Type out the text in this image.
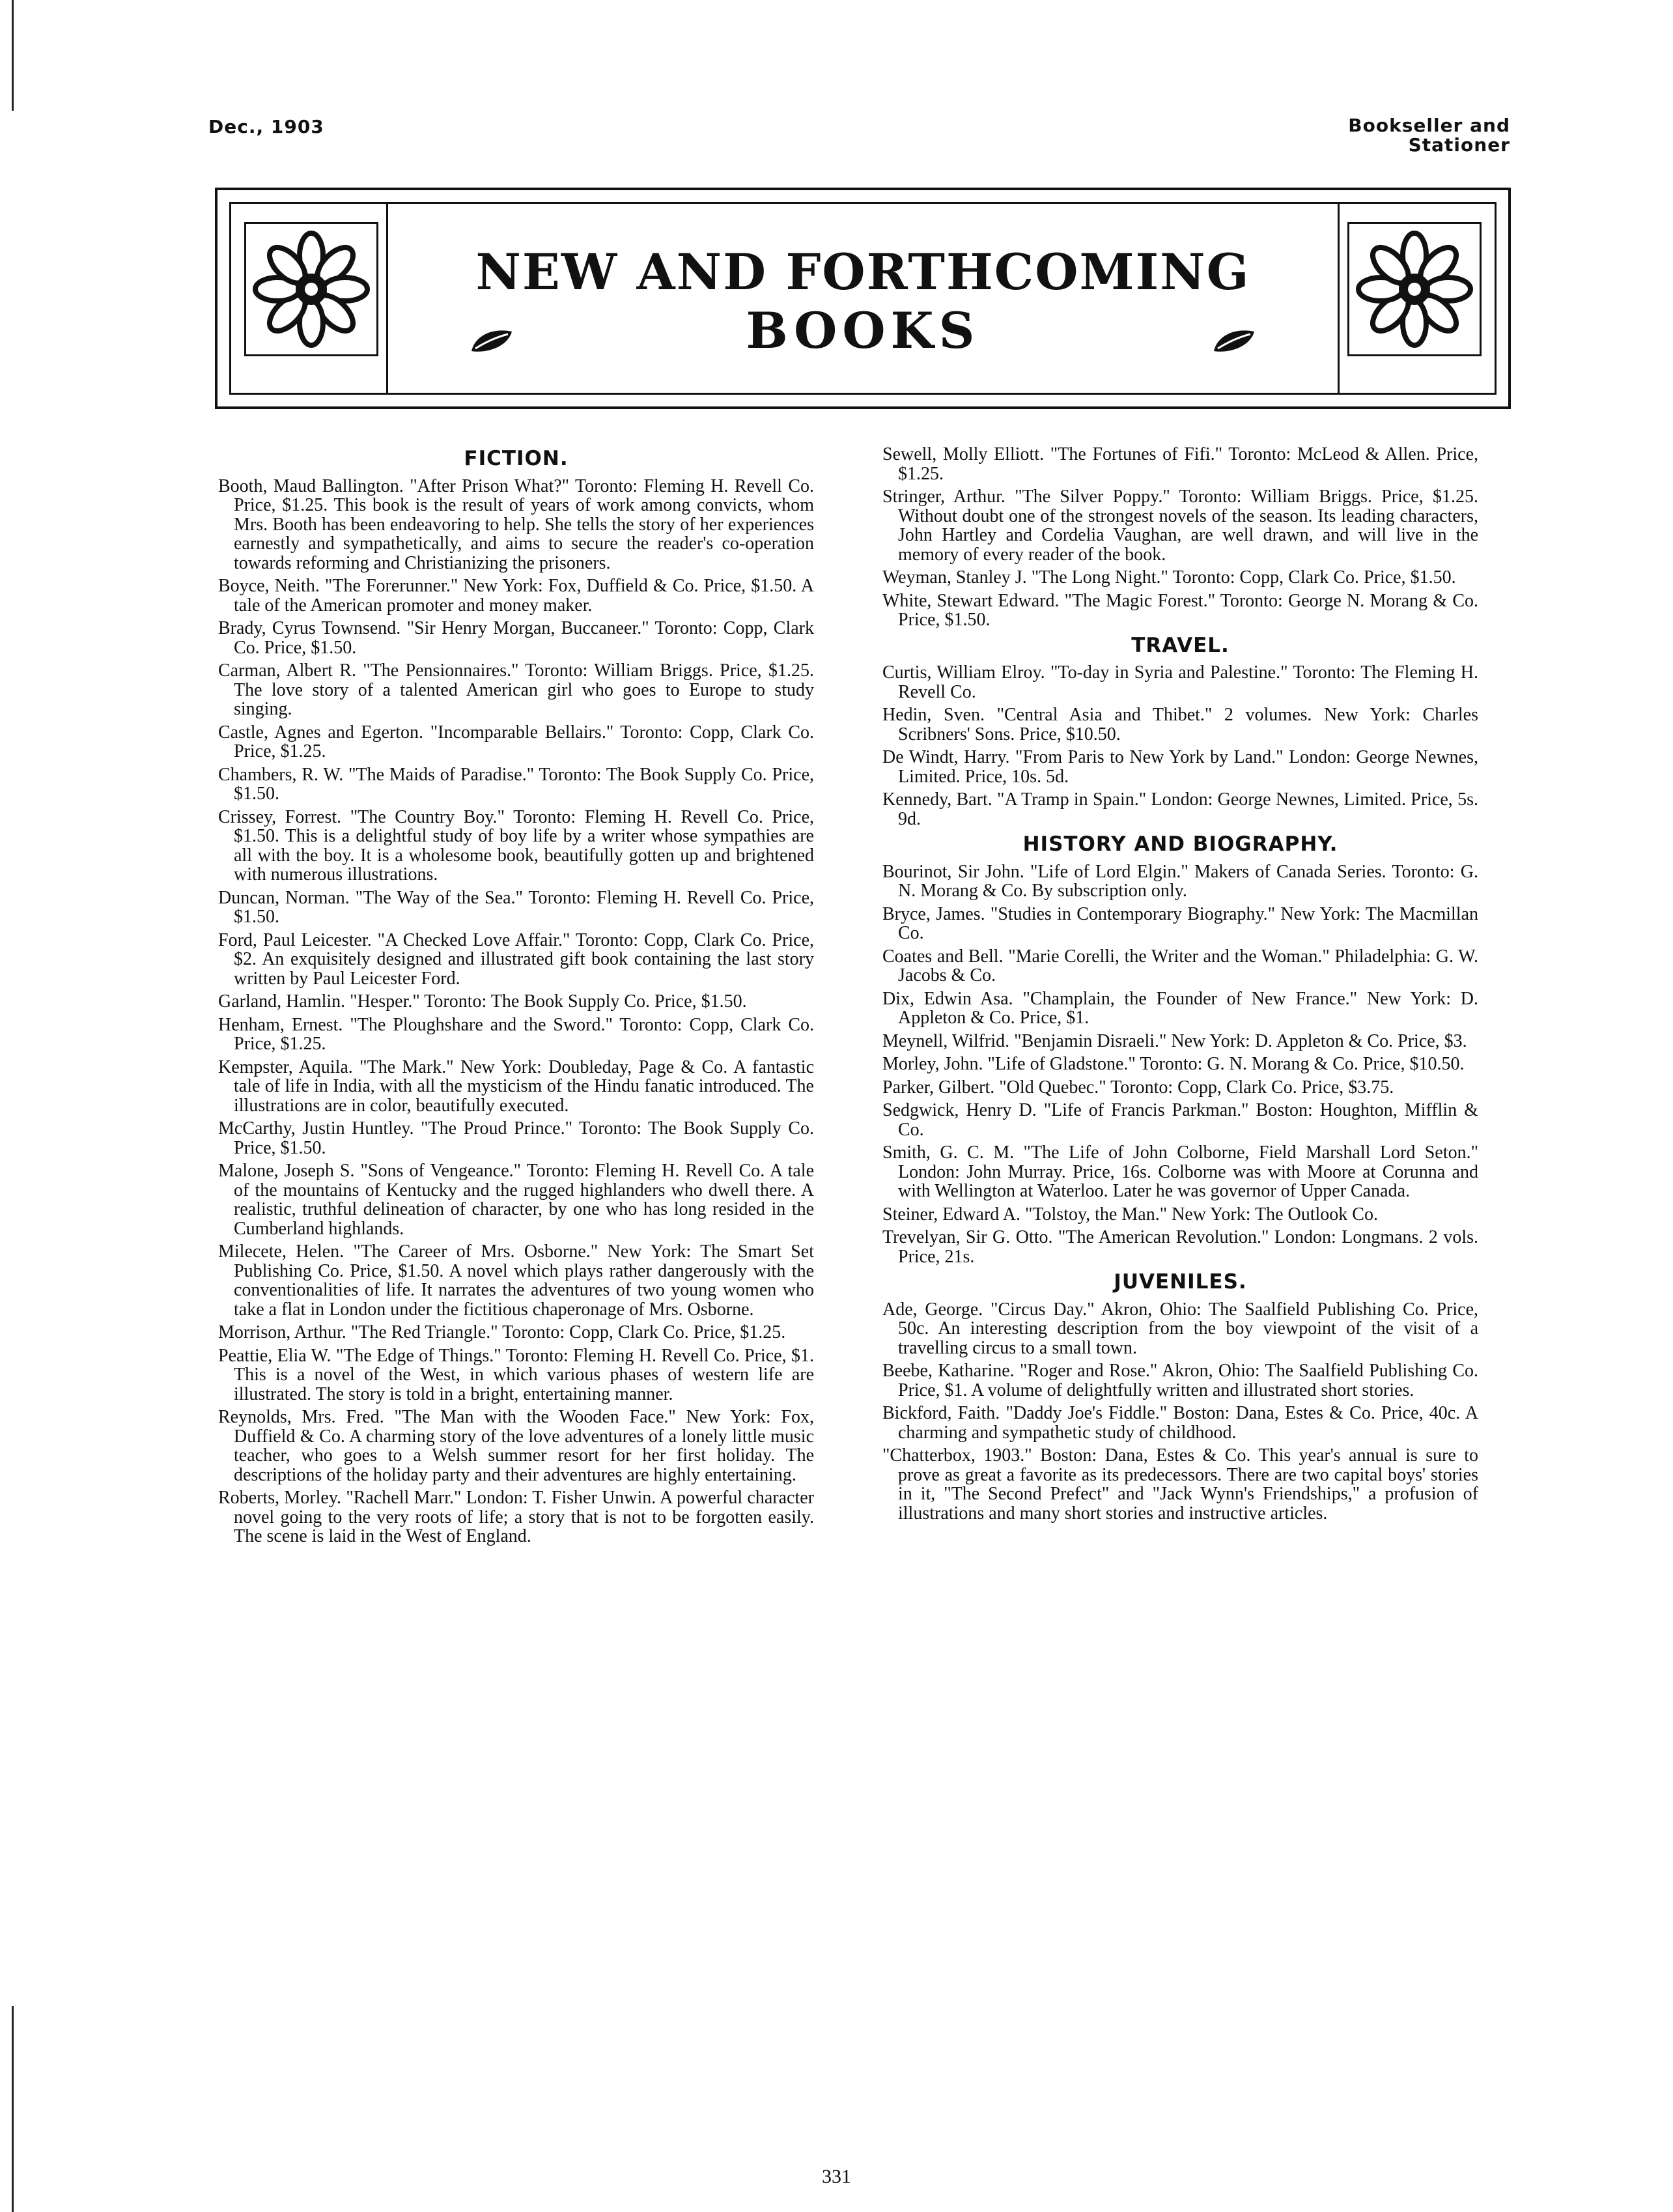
Dec., 1903	Bookseller and
Stationer
NEW AND FORTHCOMING
BOOKS
FICTION.
Booth, Maud Ballington. "After Prison What?" Toronto: Fleming H. Revell Co. Price, $1.25. This book is the result of years of work among convicts, whom Mrs. Booth has been endeavoring to help. She tells the story of her experiences earnestly and sympathetically, and aims to secure the reader's co-operation towards reforming and Christianizing the prisoners.
Boyce, Neith. "The Forerunner." New York: Fox, Duffield & Co. Price, $1.50. A tale of the American promoter and money maker.
Brady, Cyrus Townsend. "Sir Henry Morgan, Buccaneer." Toronto: Copp, Clark Co. Price, $1.50.
Carman, Albert R. "The Pensionnaires." Toronto: William Briggs. Price, $1.25. The love story of a talented American girl who goes to Europe to study singing.
Castle, Agnes and Egerton. "Incomparable Bellairs." Toronto: Copp, Clark Co. Price, $1.25.
Chambers, R. W. "The Maids of Paradise." Toronto: The Book Supply Co. Price, $1.50.
Crissey, Forrest. "The Country Boy." Toronto: Fleming H. Revell Co. Price, $1.50. This is a delightful study of boy life by a writer whose sympathies are all with the boy. It is a wholesome book, beautifully gotten up and brightened with numerous illustrations.
Duncan, Norman. "The Way of the Sea." Toronto: Fleming H. Revell Co. Price, $1.50.
Ford, Paul Leicester. "A Checked Love Affair." Toronto: Copp, Clark Co. Price, $2. An exquisitely designed and illustrated gift book containing the last story written by Paul Leicester Ford.
Garland, Hamlin. "Hesper." Toronto: The Book Supply Co. Price, $1.50.
Henham, Ernest. "The Ploughshare and the Sword." Toronto: Copp, Clark Co. Price, $1.25.
Kempster, Aquila. "The Mark." New York: Doubleday, Page & Co. A fantastic tale of life in India, with all the mysticism of the Hindu fanatic introduced. The illustrations are in color, beautifully executed.
McCarthy, Justin Huntley. "The Proud Prince." Toronto: The Book Supply Co. Price, $1.50.
Malone, Joseph S. "Sons of Vengeance." Toronto: Fleming H. Revell Co. A tale of the mountains of Kentucky and the rugged highlanders who dwell there. A realistic, truthful delineation of character, by one who has long resided in the Cumberland highlands.
Milecete, Helen. "The Career of Mrs. Osborne." New York: The Smart Set Publishing Co. Price, $1.50. A novel which plays rather dangerously with the conventionalities of life. It narrates the adventures of two young women who take a flat in London under the fictitious chaperonage of Mrs. Osborne.
Morrison, Arthur. "The Red Triangle." Toronto: Copp, Clark Co. Price, $1.25.
Peattie, Elia W. "The Edge of Things." Toronto: Fleming H. Revell Co. Price, $1. This is a novel of the West, in which various phases of western life are illustrated. The story is told in a bright, entertaining manner.
Reynolds, Mrs. Fred. "The Man with the Wooden Face." New York: Fox, Duffield & Co. A charming story of the love adventures of a lonely little music teacher, who goes to a Welsh summer resort for her first holiday. The descriptions of the holiday party and their adventures are highly entertaining.
Roberts, Morley. "Rachell Marr." London: T. Fisher Unwin. A powerful character novel going to the very roots of life; a story that is not to be forgotten easily. The scene is laid in the West of England.
Sewell, Molly Elliott. "The Fortunes of Fifi." Toronto: McLeod & Allen. Price, $1.25.
Stringer, Arthur. "The Silver Poppy." Toronto: William Briggs. Price, $1.25. Without doubt one of the strongest novels of the season. Its leading characters, John Hartley and Cordelia Vaughan, are well drawn, and will live in the memory of every reader of the book.
Weyman, Stanley J. "The Long Night." Toronto: Copp, Clark Co. Price, $1.50.
White, Stewart Edward. "The Magic Forest." Toronto: George N. Morang & Co. Price, $1.50.
TRAVEL.
Curtis, William Elroy. "To-day in Syria and Palestine." Toronto: The Fleming H. Revell Co.
Hedin, Sven. "Central Asia and Thibet." 2 volumes. New York: Charles Scribners' Sons. Price, $10.50.
De Windt, Harry. "From Paris to New York by Land." London: George Newnes, Limited. Price, 10s. 5d.
Kennedy, Bart. "A Tramp in Spain." London: George Newnes, Limited. Price, 5s. 9d.
HISTORY AND BIOGRAPHY.
Bourinot, Sir John. "Life of Lord Elgin." Makers of Canada Series. Toronto: G. N. Morang & Co. By subscription only.
Bryce, James. "Studies in Contemporary Biography." New York: The Macmillan Co.
Coates and Bell. "Marie Corelli, the Writer and the Woman." Philadelphia: G. W. Jacobs & Co.
Dix, Edwin Asa. "Champlain, the Founder of New France." New York: D. Appleton & Co. Price, $1.
Meynell, Wilfrid. "Benjamin Disraeli." New York: D. Appleton & Co. Price, $3.
Morley, John. "Life of Gladstone." Toronto: G. N. Morang & Co. Price, $10.50.
Parker, Gilbert. "Old Quebec." Toronto: Copp, Clark Co. Price, $3.75.
Sedgwick, Henry D. "Life of Francis Parkman." Boston: Houghton, Mifflin & Co.
Smith, G. C. M. "The Life of John Colborne, Field Marshall Lord Seton." London: John Murray. Price, 16s. Colborne was with Moore at Corunna and with Wellington at Waterloo. Later he was governor of Upper Canada.
Steiner, Edward A. "Tolstoy, the Man." New York: The Outlook Co.
Trevelyan, Sir G. Otto. "The American Revolution." London: Longmans. 2 vols. Price, 21s.
JUVENILES.
Ade, George. "Circus Day." Akron, Ohio: The Saalfield Publishing Co. Price, 50c. An interesting description from the boy viewpoint of the visit of a travelling circus to a small town.
Beebe, Katharine. "Roger and Rose." Akron, Ohio: The Saalfield Publishing Co. Price, $1. A volume of delightfully written and illustrated short stories.
Bickford, Faith. "Daddy Joe's Fiddle." Boston: Dana, Estes & Co. Price, 40c. A charming and sympathetic study of childhood.
"Chatterbox, 1903." Boston: Dana, Estes & Co. This year's annual is sure to prove as great a favorite as its predecessors. There are two capital boys' stories in it, "The Second Prefect" and "Jack Wynn's Friendships," a profusion of illustrations and many short stories and instructive articles.
331
